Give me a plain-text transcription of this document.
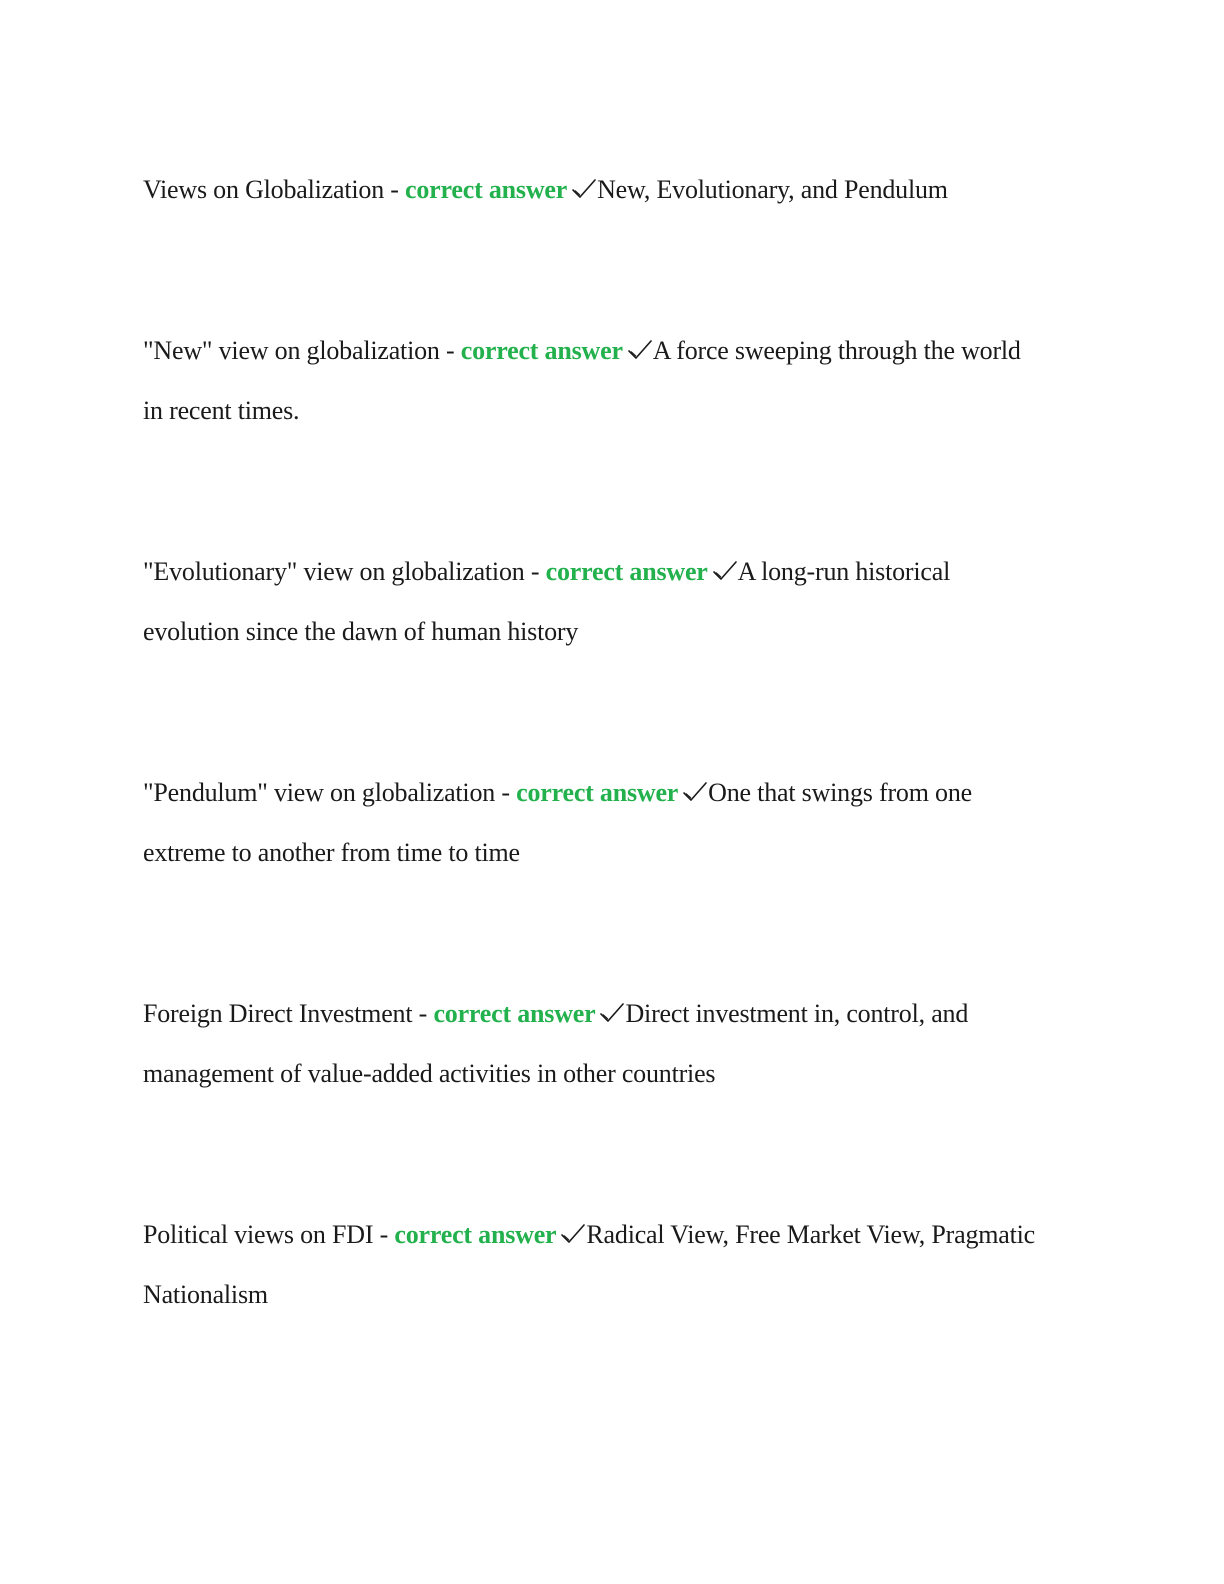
Views on Globalization - correct answer New, Evolutionary, and Pendulum

"New" view on globalization - correct answer A force sweeping through the world in recent times.

"Evolutionary" view on globalization - correct answer A long-run historical evolution since the dawn of human history

"Pendulum" view on globalization - correct answer One that swings from one extreme to another from time to time

Foreign Direct Investment - correct answer Direct investment in, control, and management of value-added activities in other countries

Political views on FDI - correct answer Radical View, Free Market View, Pragmatic Nationalism
